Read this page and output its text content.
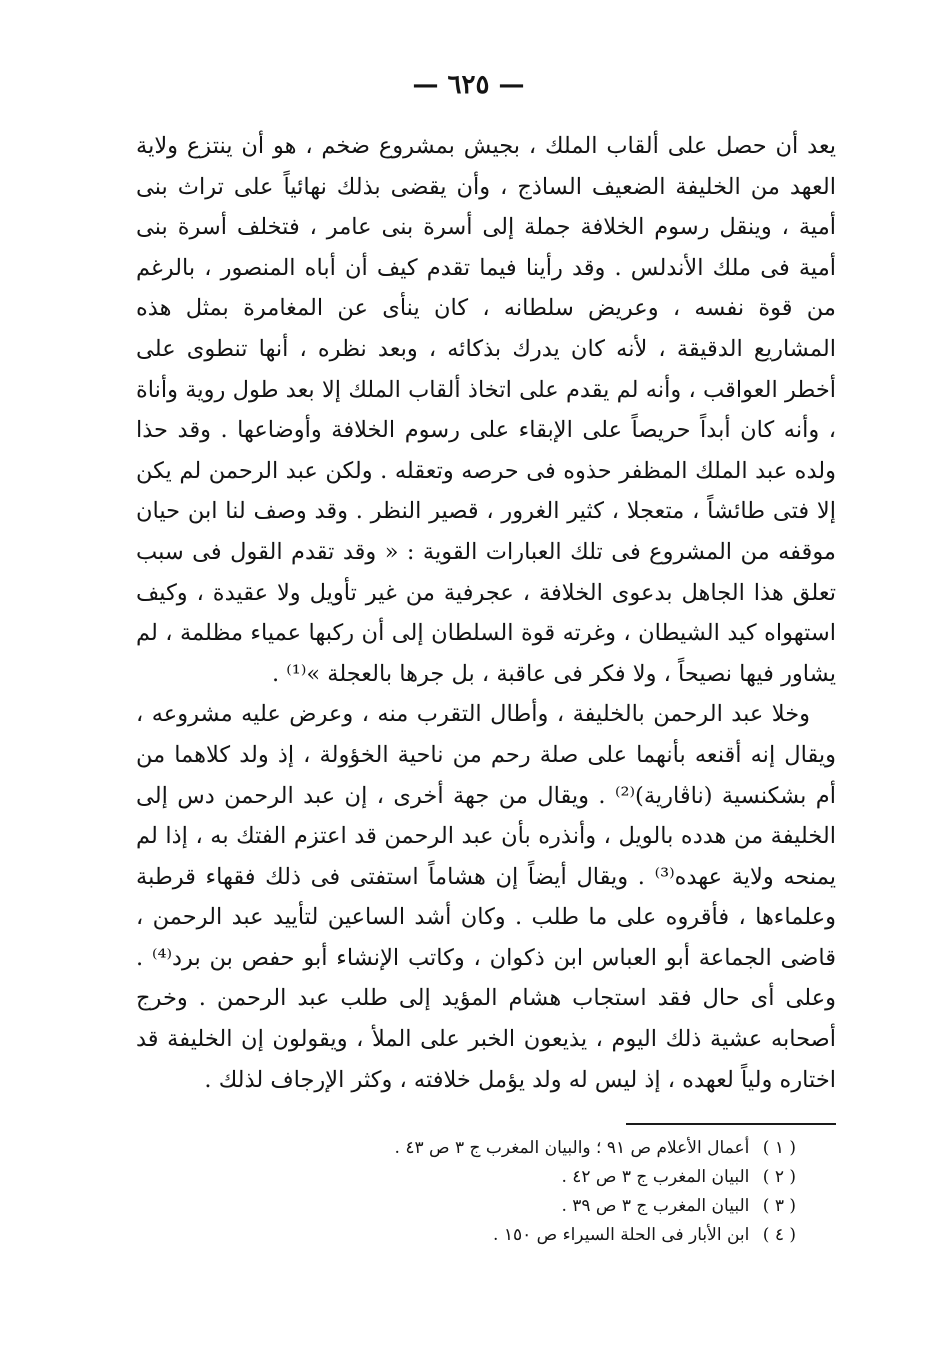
— ٦٢٥ —

يعد أن حصل على ألقاب الملك ، بجيش بمشروع ضخم ، هو أن ينتزع ولاية العهد من الخليفة الضعيف الساذج ، وأن يقضى بذلك نهائياً على تراث بنى أمية ، وينقل رسوم الخلافة جملة إلى أسرة بنى عامر ، فتخلف أسرة بنى أمية فى ملك الأندلس . وقد رأينا فيما تقدم كيف أن أباه المنصور ، بالرغم من قوة نفسه ، وعريض سلطانه ، كان ينأى عن المغامرة بمثل هذه المشاريع الدقيقة ، لأنه كان يدرك بذكائه ، وبعد نظره ، أنها تنطوى على أخطر العواقب ، وأنه لم يقدم على اتخاذ ألقاب الملك إلا بعد طول روية وأناة ، وأنه كان أبداً حريصاً على الإبقاء على رسوم الخلافة وأوضاعها . وقد حذا ولده عبد الملك المظفر حذوه فى حرصه وتعقله . ولكن عبد الرحمن لم يكن إلا فتى طائشاً ، متعجلا ، كثير الغرور ، قصير النظر . وقد وصف لنا ابن حيان موقفه من المشروع فى تلك العبارات القوية : « وقد تقدم القول فى سبب تعلق هذا الجاهل بدعوى الخلافة ، عجرفية من غير تأويل ولا عقيدة ، وكيف استهواه كيد الشيطان ، وغرته قوة السلطان إلى أن ركبها عمياء مظلمة ، لم يشاور فيها نصيحاً ، ولا فكر فى عاقبة ، بل جرها بالعجلة »⁽¹⁾ .

وخلا عبد الرحمن بالخليفة ، وأطال التقرب منه ، وعرض عليه مشروعه ، ويقال إنه أقنعه بأنهما على صلة رحم من ناحية الخؤولة ، إذ ولد كلاهما من أم بشكنسية (ناڤارية)⁽²⁾ . ويقال من جهة أخرى ، إن عبد الرحمن دس إلى الخليفة من هدده بالويل ، وأنذره بأن عبد الرحمن قد اعتزم الفتك به ، إذا لم يمنحه ولاية عهده⁽³⁾ . ويقال أيضاً إن هشاماً استفتى فى ذلك فقهاء قرطبة وعلماءها ، فأقروه على ما طلب . وكان أشد الساعين لتأييد عبد الرحمن ، قاضى الجماعة أبو العباس ابن ذكوان ، وكاتب الإنشاء أبو حفص بن برد⁽⁴⁾ . وعلى أى حال فقد استجاب هشام المؤيد إلى طلب عبد الرحمن . وخرج أصحابه عشية ذلك اليوم ، يذيعون الخبر على الملأ ، ويقولون إن الخليفة قد اختاره ولياً لعهده ، إذ ليس له ولد يؤمل خلافته ، وكثر الإرجاف لذلك .

( ١ ) أعمال الأعلام ص ٩١ ؛ والبيان المغرب ج ٣ ص ٤٣ .
( ٢ ) البيان المغرب ج ٣ ص ٤٢ .
( ٣ ) البيان المغرب ج ٣ ص ٣٩ .
( ٤ ) ابن الأبار فى الحلة السيراء ص ١٥٠ .
